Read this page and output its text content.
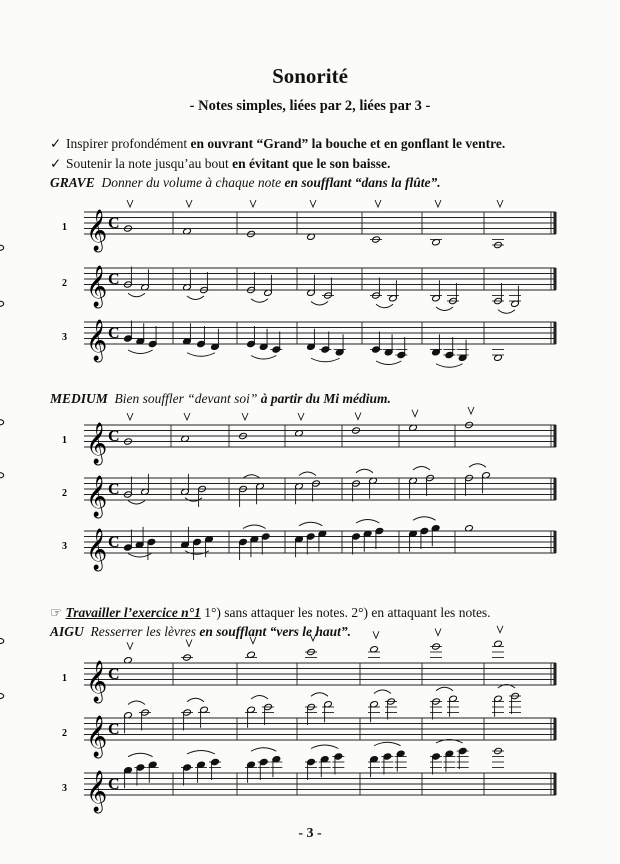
Sonorité
- Notes simples, liées par 2, liées par 3 -
✓ Inspirer profondément en ouvrant “Grand” la bouche et en gonflant le ventre.
✓ Soutenir la note jusqu’au bout en évitant que le son baisse.
GRAVE Donner du volume à chaque note en soufflant “dans la flûte”.
MEDIUM Bien souffler “devant soi” à partir du Mi médium.
☞ Travailler l’exercice n°1 1°) sans attaquer les notes. 2°) en attaquant les notes.
AIGU Resserrer les lèvres en soufflant “vers le haut”.
1 𝄞 C
2 𝄞 C
3 𝄞 C
1 𝄞 C
2 𝄞 C
3 𝄞 C
1 𝄞 C
2 𝄞 C
3 𝄞 C
- 3 -
